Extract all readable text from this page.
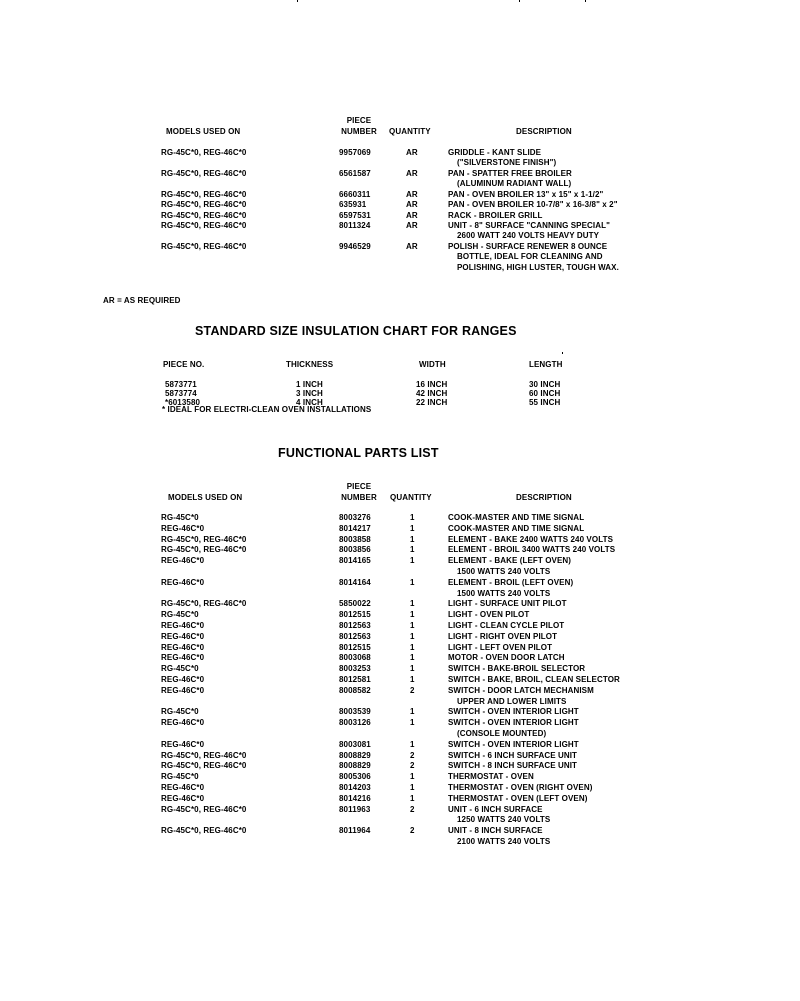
PIECE
MODELS USED ON	NUMBER	QUANTITY	DESCRIPTION
RG-45C*0, REG-46C*0	9957069	AR	GRIDDLE - KANT SLIDE
("SILVERSTONE FINISH")
RG-45C*0, REG-46C*0	6561587	AR	PAN - SPATTER FREE BROILER
(ALUMINUM RADIANT WALL)
RG-45C*0, REG-46C*0	6660311	AR	PAN - OVEN BROILER 13" x 15" x 1-1/2"
RG-45C*0, REG-46C*0	635931	AR	PAN - OVEN BROILER 10-7/8" x 16-3/8" x 2"
RG-45C*0, REG-46C*0	6597531	AR	RACK - BROILER GRILL
RG-45C*0, REG-46C*0	8011324	AR	UNIT - 8" SURFACE "CANNING SPECIAL"
2600 WATT 240 VOLTS HEAVY DUTY
RG-45C*0, REG-46C*0	9946529	AR	POLISH - SURFACE RENEWER 8 OUNCE
BOTTLE, IDEAL FOR CLEANING AND
POLISHING, HIGH LUSTER, TOUGH WAX.
AR = AS REQUIRED
STANDARD SIZE INSULATION CHART FOR RANGES
PIECE NO.	THICKNESS	WIDTH	LENGTH
5873771	1 INCH	16 INCH	30 INCH
5873774	3 INCH	42 INCH	60 INCH
*6013580	4 INCH	22 INCH	55 INCH
* IDEAL FOR ELECTRI-CLEAN OVEN INSTALLATIONS
FUNCTIONAL PARTS LIST
PIECE
MODELS USED ON	NUMBER	QUANTITY	DESCRIPTION
RG-45C*0	8003276	1	COOK-MASTER AND TIME SIGNAL
REG-46C*0	8014217	1	COOK-MASTER AND TIME SIGNAL
RG-45C*0, REG-46C*0	8003858	1	ELEMENT - BAKE 2400 WATTS 240 VOLTS
RG-45C*0, REG-46C*0	8003856	1	ELEMENT - BROIL 3400 WATTS 240 VOLTS
REG-46C*0	8014165	1	ELEMENT - BAKE (LEFT OVEN)
1500 WATTS 240 VOLTS
REG-46C*0	8014164	1	ELEMENT - BROIL (LEFT OVEN)
1500 WATTS 240 VOLTS
RG-45C*0, REG-46C*0	5850022	1	LIGHT - SURFACE UNIT PILOT
RG-45C*0	8012515	1	LIGHT - OVEN PILOT
REG-46C*0	8012563	1	LIGHT - CLEAN CYCLE PILOT
REG-46C*0	8012563	1	LIGHT - RIGHT OVEN PILOT
REG-46C*0	8012515	1	LIGHT - LEFT OVEN PILOT
REG-46C*0	8003068	1	MOTOR - OVEN DOOR LATCH
RG-45C*0	8003253	1	SWITCH - BAKE-BROIL SELECTOR
REG-46C*0	8012581	1	SWITCH - BAKE, BROIL, CLEAN SELECTOR
REG-46C*0	8008582	2	SWITCH - DOOR LATCH MECHANISM
UPPER AND LOWER LIMITS
RG-45C*0	8003539	1	SWITCH - OVEN INTERIOR LIGHT
REG-46C*0	8003126	1	SWITCH - OVEN INTERIOR LIGHT
(CONSOLE MOUNTED)
REG-46C*0	8003081	1	SWITCH - OVEN INTERIOR LIGHT
RG-45C*0, REG-46C*0	8008829	2	SWITCH - 6 INCH SURFACE UNIT
RG-45C*0, REG-46C*0	8008829	2	SWITCH - 8 INCH SURFACE UNIT
RG-45C*0	8005306	1	THERMOSTAT - OVEN
REG-46C*0	8014203	1	THERMOSTAT - OVEN (RIGHT OVEN)
REG-46C*0	8014216	1	THERMOSTAT - OVEN (LEFT OVEN)
RG-45C*0, REG-46C*0	8011963	2	UNIT - 6 INCH SURFACE
1250 WATTS 240 VOLTS
RG-45C*0, REG-46C*0	8011964	2	UNIT - 8 INCH SURFACE
2100 WATTS 240 VOLTS
